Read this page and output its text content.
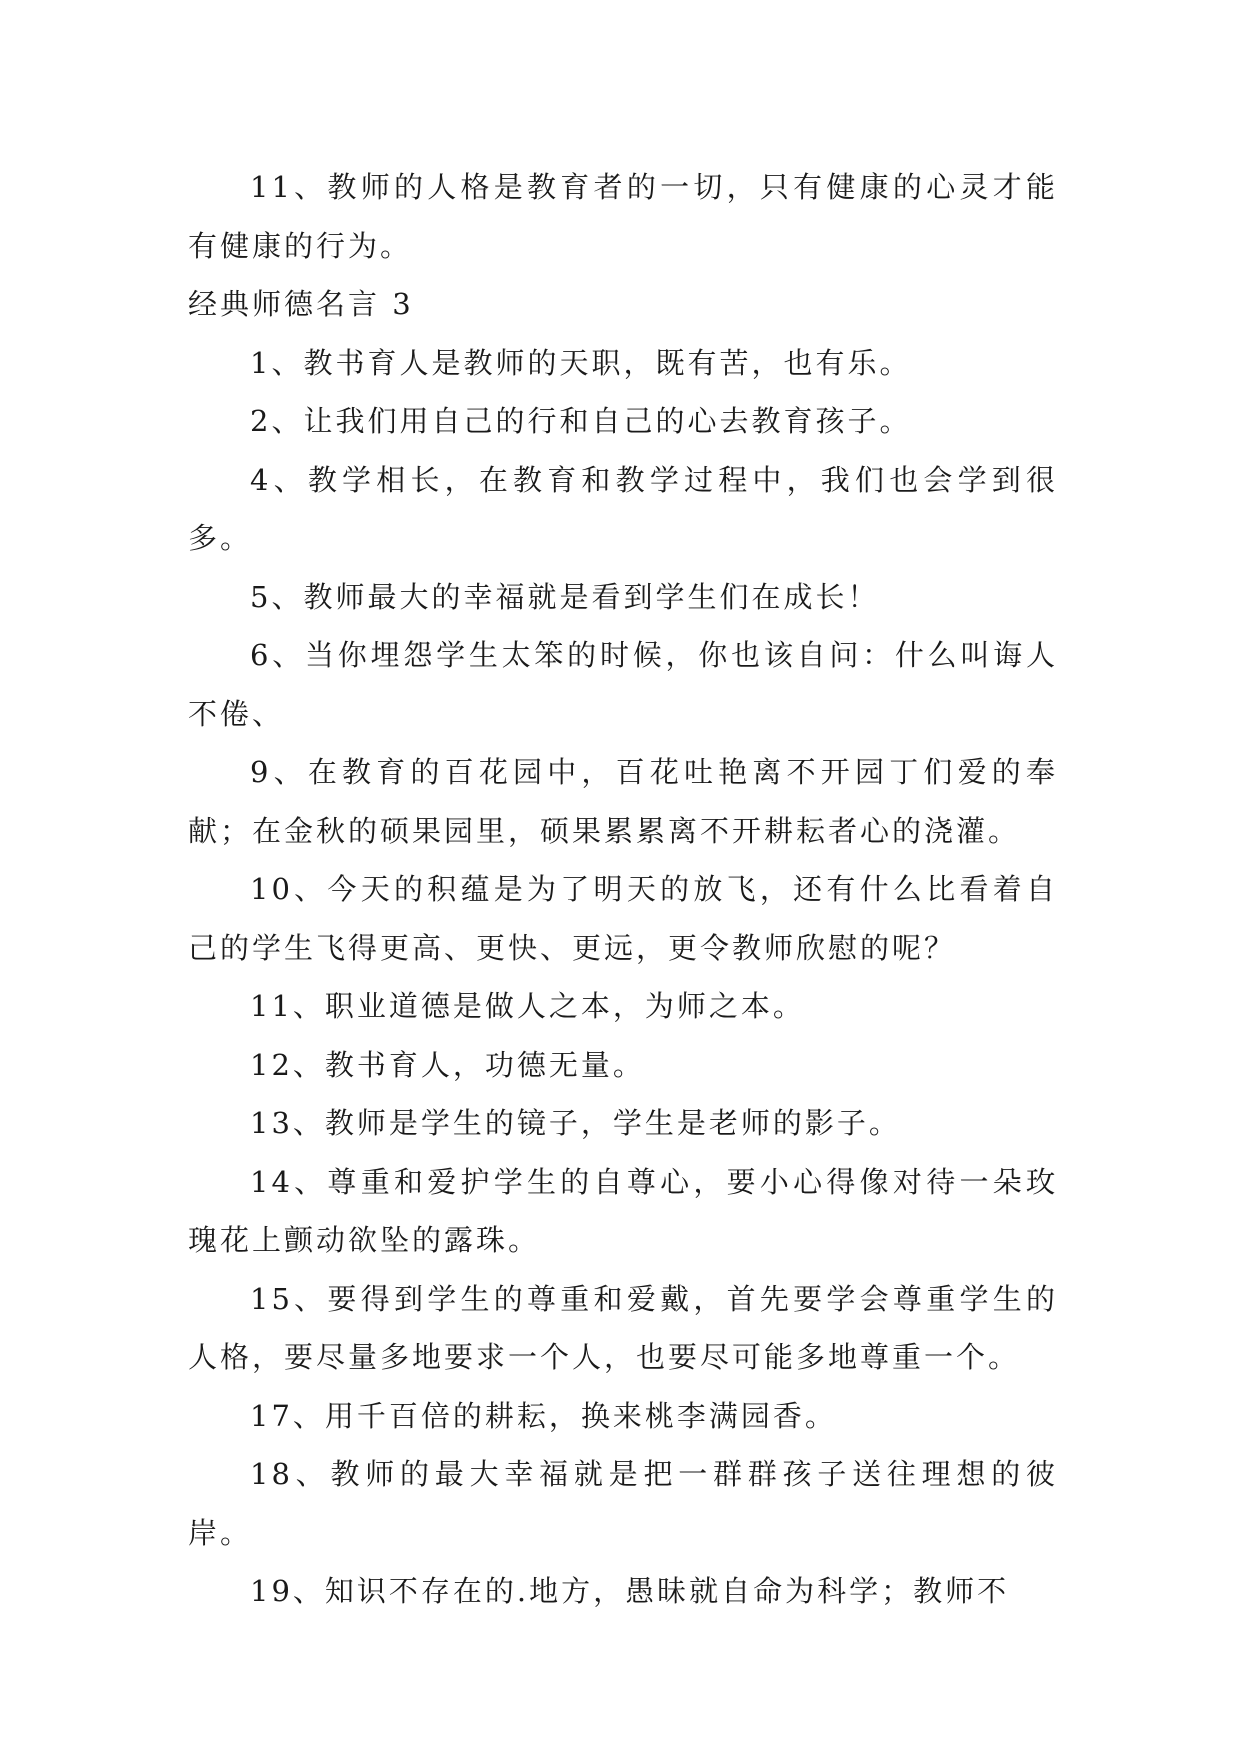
11、教师的人格是教育者的一切，只有健康的心灵才能有健康的行为。

经典师德名言 3

1、教书育人是教师的天职，既有苦，也有乐。

2、让我们用自己的行和自己的心去教育孩子。

4、教学相长，在教育和教学过程中，我们也会学到很多。

5、教师最大的幸福就是看到学生们在成长！

6、当你埋怨学生太笨的时候，你也该自问：什么叫诲人不倦、

9、在教育的百花园中，百花吐艳离不开园丁们爱的奉献；在金秋的硕果园里，硕果累累离不开耕耘者心的浇灌。

10、今天的积蕴是为了明天的放飞，还有什么比看着自己的学生飞得更高、更快、更远，更令教师欣慰的呢？

11、职业道德是做人之本，为师之本。

12、教书育人，功德无量。

13、教师是学生的镜子，学生是老师的影子。

14、尊重和爱护学生的自尊心，要小心得像对待一朵玫瑰花上颤动欲坠的露珠。

15、要得到学生的尊重和爱戴，首先要学会尊重学生的人格，要尽量多地要求一个人，也要尽可能多地尊重一个。

17、用千百倍的耕耘，换来桃李满园香。

18、教师的最大幸福就是把一群群孩子送往理想的彼岸。

19、知识不存在的.地方，愚昧就自命为科学；教师不
